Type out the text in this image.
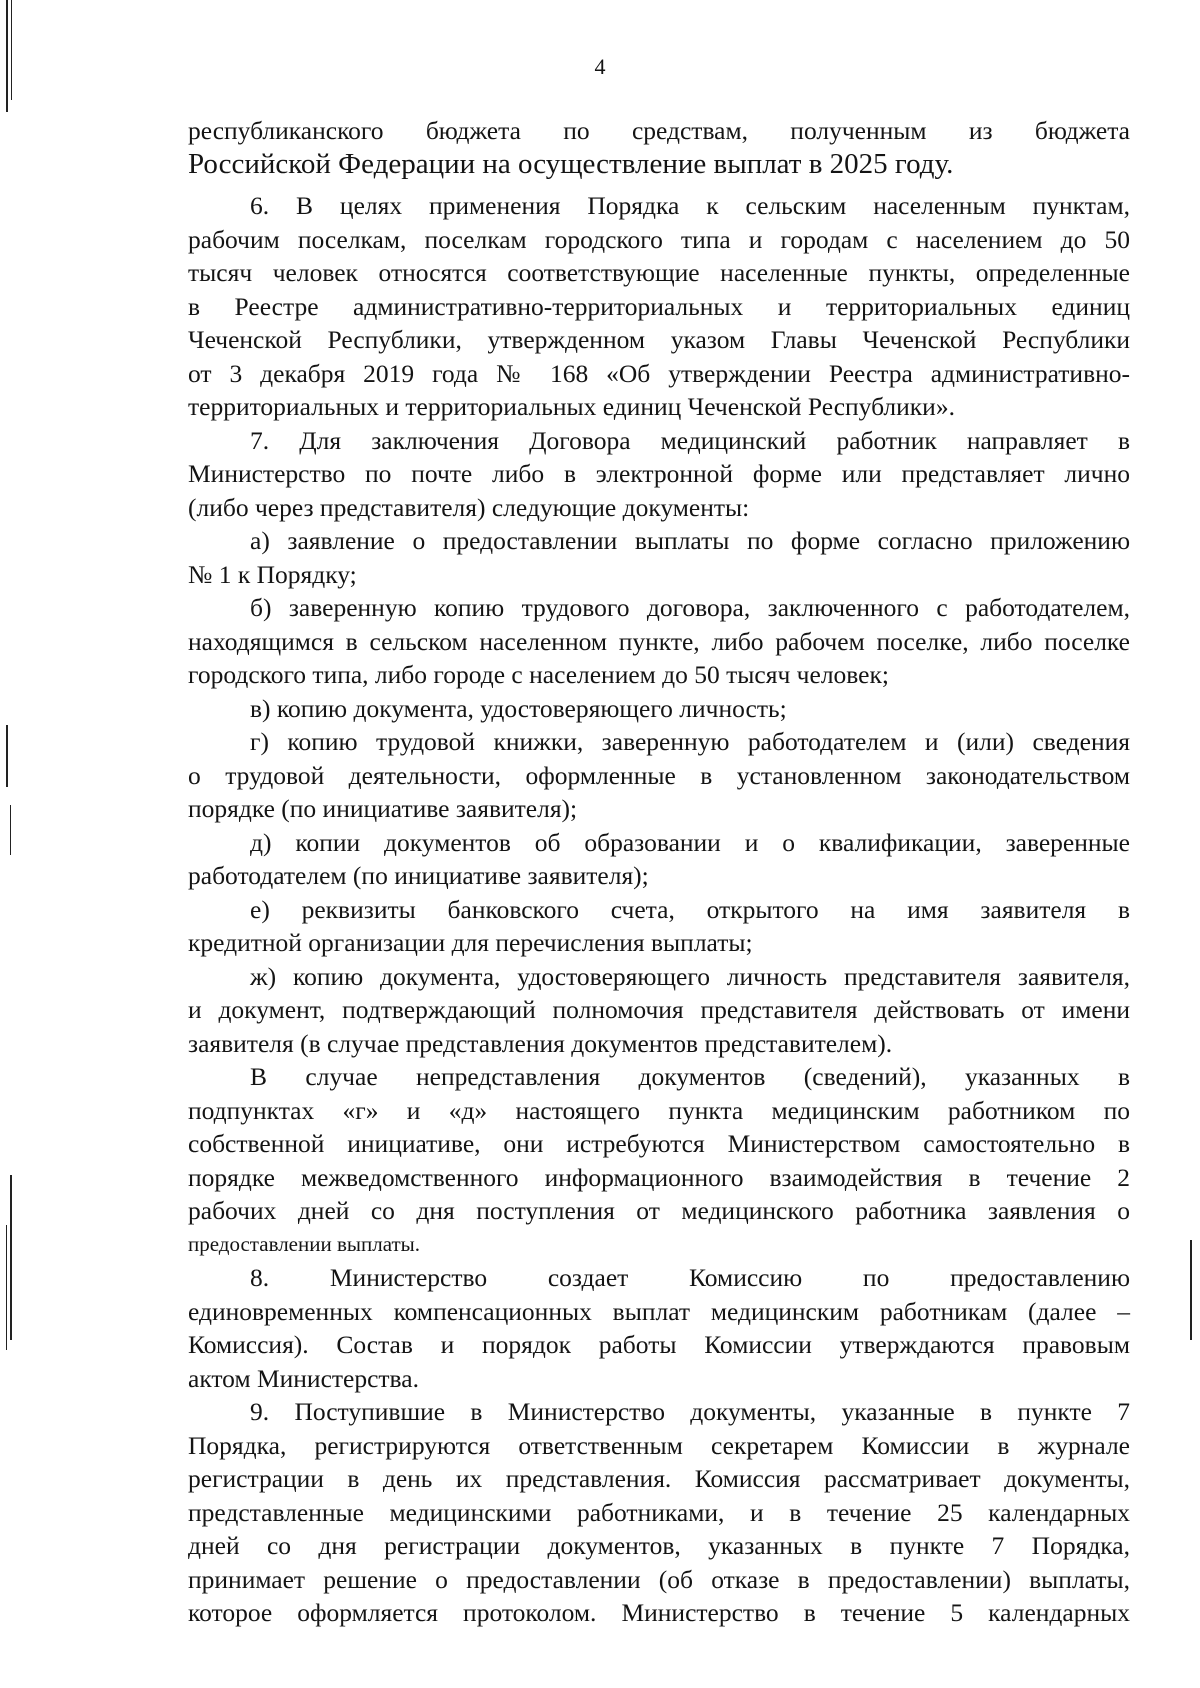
4
республиканского бюджета по средствам, полученным из бюджета
Российской Федерации на осуществление выплат в 2025 году.
6. В целях применения Порядка к сельским населенным пунктам,
рабочим поселкам, поселкам городского типа и городам с населением до 50
тысяч человек относятся соответствующие населенные пункты, определенные
в Реестре административно-территориальных и территориальных единиц
Чеченской Республики, утвержденном указом Главы Чеченской Республики
от 3 декабря 2019 года № 168 «Об утверждении Реестра административно-
территориальных и территориальных единиц Чеченской Республики».
7. Для заключения Договора медицинский работник направляет в
Министерство по почте либо в электронной форме или представляет лично
(либо через представителя) следующие документы:
а) заявление о предоставлении выплаты по форме согласно приложению
№ 1 к Порядку;
б) заверенную копию трудового договора, заключенного с работодателем,
находящимся в сельском населенном пункте, либо рабочем поселке, либо поселке
городского типа, либо городе с населением до 50 тысяч человек;
в) копию документа, удостоверяющего личность;
г) копию трудовой книжки, заверенную работодателем и (или) сведения
о трудовой деятельности, оформленные в установленном законодательством
порядке (по инициативе заявителя);
д) копии документов об образовании и о квалификации, заверенные
работодателем (по инициативе заявителя);
е) реквизиты банковского счета, открытого на имя заявителя в
кредитной организации для перечисления выплаты;
ж) копию документа, удостоверяющего личность представителя заявителя,
и документ, подтверждающий полномочия представителя действовать от имени
заявителя (в случае представления документов представителем).
В случае непредставления документов (сведений), указанных в
подпунктах «г» и «д» настоящего пункта медицинским работником по
собственной инициативе, они истребуются Министерством самостоятельно в
порядке межведомственного информационного взаимодействия в течение 2
рабочих дней со дня поступления от медицинского работника заявления о
предоставлении выплаты.
8. Министерство создает Комиссию по предоставлению
единовременных компенсационных выплат медицинским работникам (далее –
Комиссия). Состав и порядок работы Комиссии утверждаются правовым
актом Министерства.
9. Поступившие в Министерство документы, указанные в пункте 7
Порядка, регистрируются ответственным секретарем Комиссии в журнале
регистрации в день их представления. Комиссия рассматривает документы,
представленные медицинскими работниками, и в течение 25 календарных
дней со дня регистрации документов, указанных в пункте 7 Порядка,
принимает решение о предоставлении (об отказе в предоставлении) выплаты,
которое оформляется протоколом. Министерство в течение 5 календарных
